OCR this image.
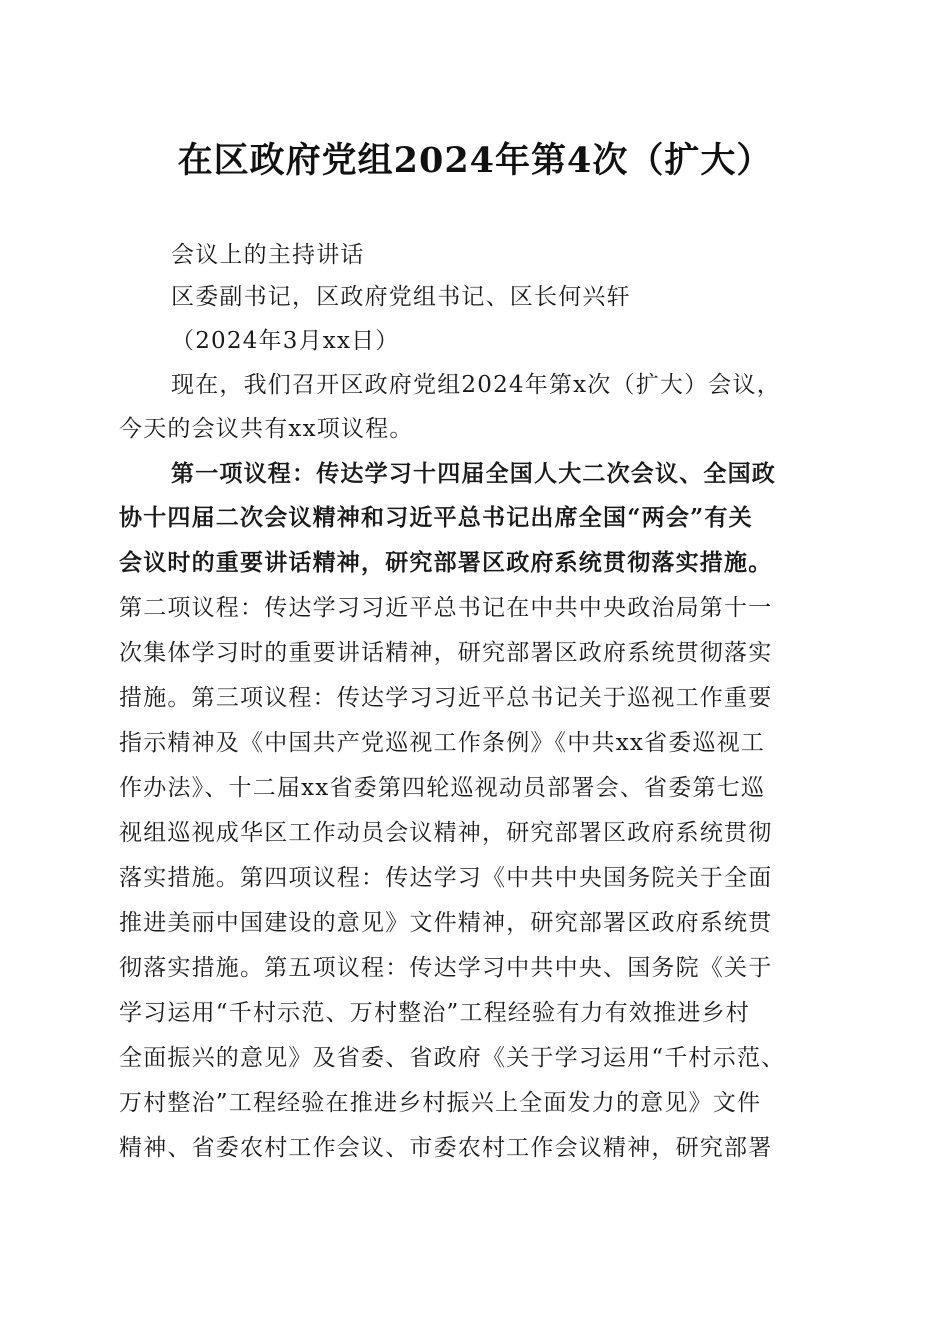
在区政府党组2024年第4次（扩大）
会议上的主持讲话
区委副书记，区政府党组书记、区长何兴轩
（2024年3月xx日）
现在，我们召开区政府党组2024年第x次（扩大）会议，
今天的会议共有xx项议程。
第一项议程：传达学习十四届全国人大二次会议、全国政
协十四届二次会议精神和习近平总书记出席全国“两会”有关
会议时的重要讲话精神，研究部署区政府系统贯彻落实措施。
第二项议程：传达学习习近平总书记在中共中央政治局第十一
次集体学习时的重要讲话精神，研究部署区政府系统贯彻落实
措施。第三项议程：传达学习习近平总书记关于巡视工作重要
指示精神及《中国共产党巡视工作条例》《中共xx省委巡视工
作办法》、十二届xx省委第四轮巡视动员部署会、省委第七巡
视组巡视成华区工作动员会议精神，研究部署区政府系统贯彻
落实措施。第四项议程：传达学习《中共中央国务院关于全面
推进美丽中国建设的意见》文件精神，研究部署区政府系统贯
彻落实措施。第五项议程：传达学习中共中央、国务院《关于
学习运用“千村示范、万村整治”工程经验有力有效推进乡村
全面振兴的意见》及省委、省政府《关于学习运用“千村示范、
万村整治”工程经验在推进乡村振兴上全面发力的意见》文件
精神、省委农村工作会议、市委农村工作会议精神，研究部署
